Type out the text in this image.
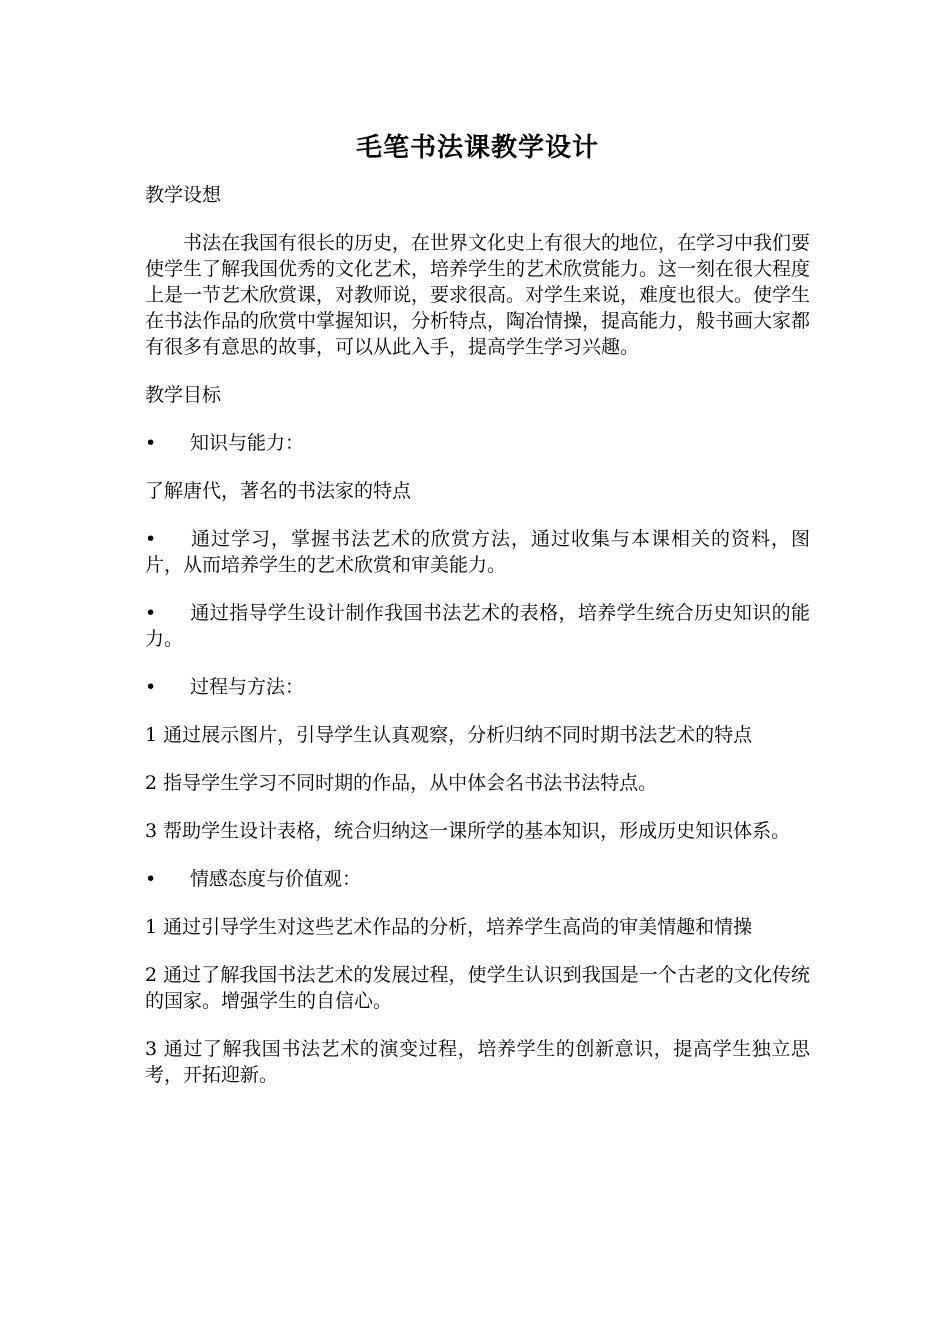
毛笔书法课教学设计
教学设想
书法在我国有很长的历史，在世界文化史上有很大的地位，在学习中我们要使学生了解我国优秀的文化艺术，培养学生的艺术欣赏能力。这一刻在很大程度上是一节艺术欣赏课，对教师说，要求很高。对学生来说，难度也很大。使学生在书法作品的欣赏中掌握知识，分析特点，陶冶情操，提高能力，般书画大家都有很多有意思的故事，可以从此入手，提高学生学习兴趣。
教学目标
•	知识与能力：
了解唐代，著名的书法家的特点
• 通过学习，掌握书法艺术的欣赏方法，通过收集与本课相关的资料，图片，从而培养学生的艺术欣赏和审美能力。
• 通过指导学生设计制作我国书法艺术的表格，培养学生统合历史知识的能力。
•	过程与方法：
1 通过展示图片，引导学生认真观察，分析归纳不同时期书法艺术的特点
2 指导学生学习不同时期的作品，从中体会名书法书法特点。
3 帮助学生设计表格，统合归纳这一课所学的基本知识，形成历史知识体系。
•	情感态度与价值观：
1 通过引导学生对这些艺术作品的分析，培养学生高尚的审美情趣和情操
2 通过了解我国书法艺术的发展过程，使学生认识到我国是一个古老的文化传统的国家。增强学生的自信心。
3 通过了解我国书法艺术的演变过程，培养学生的创新意识，提高学生独立思考，开拓迎新。
